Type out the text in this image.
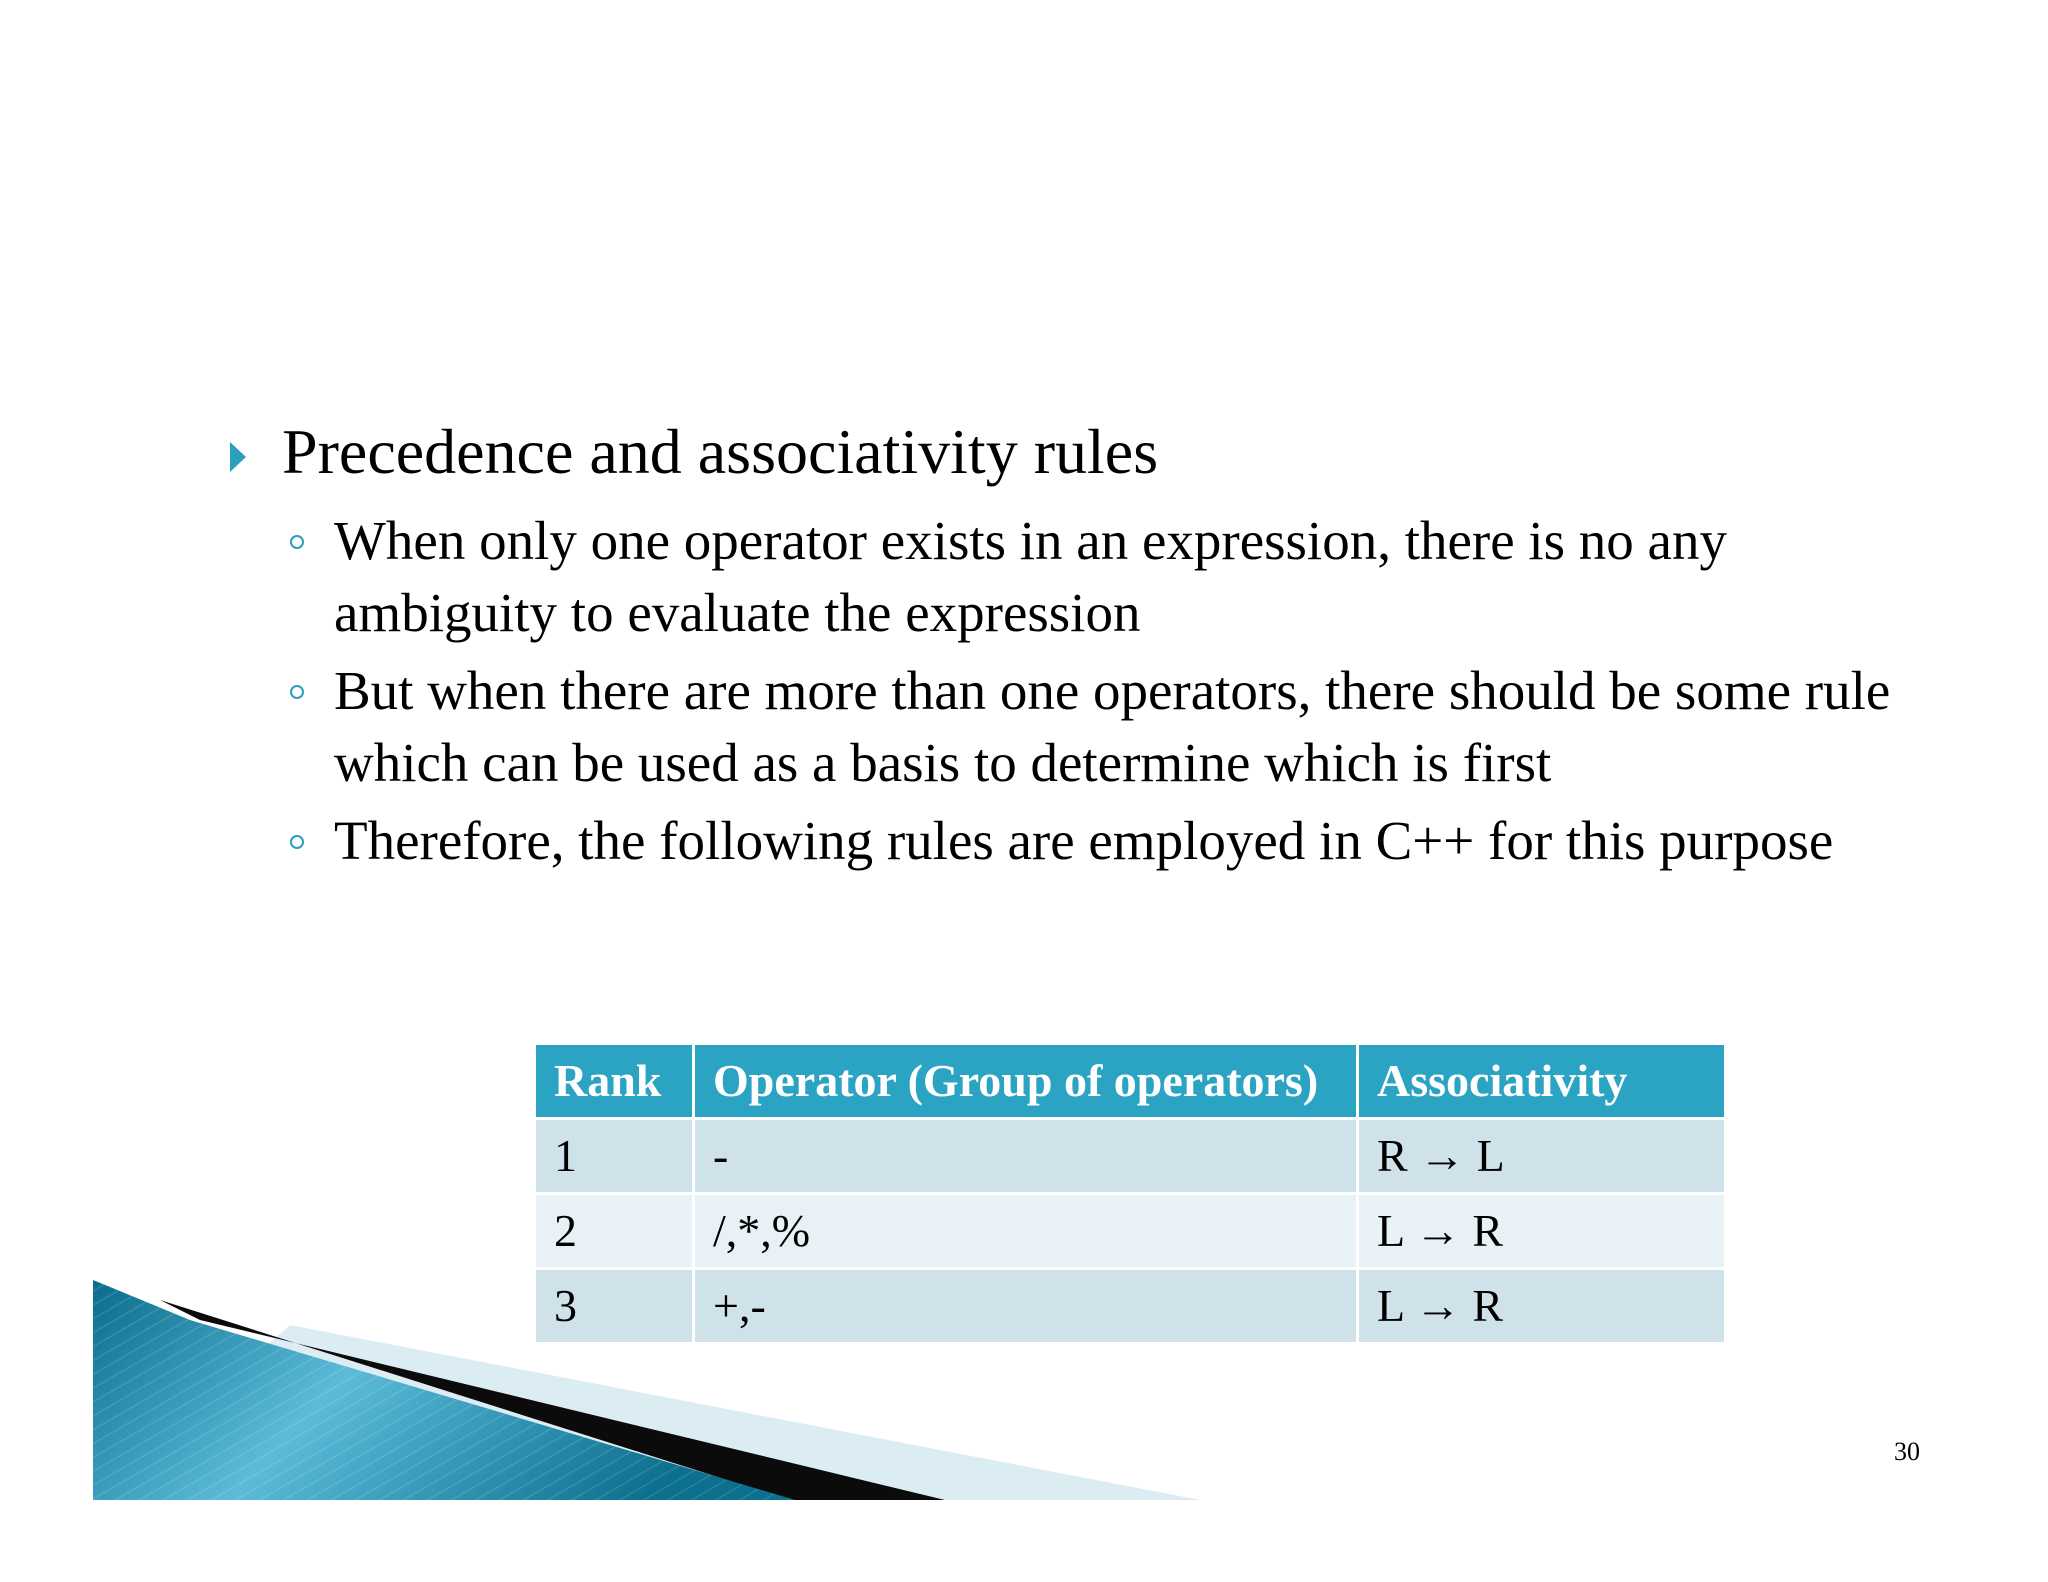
Precedence and associativity rules
When only one operator exists in an expression, there is no any ambiguity to evaluate the expression
But when there are more than one operators, there should be some rule which can be used as a basis to determine which is first
Therefore, the following rules are employed in C++ for this purpose
Rank	Operator (Group of operators)	Associativity
1	-	R → L
2	/,*,%	L → R
3	+,-	L → R
30
